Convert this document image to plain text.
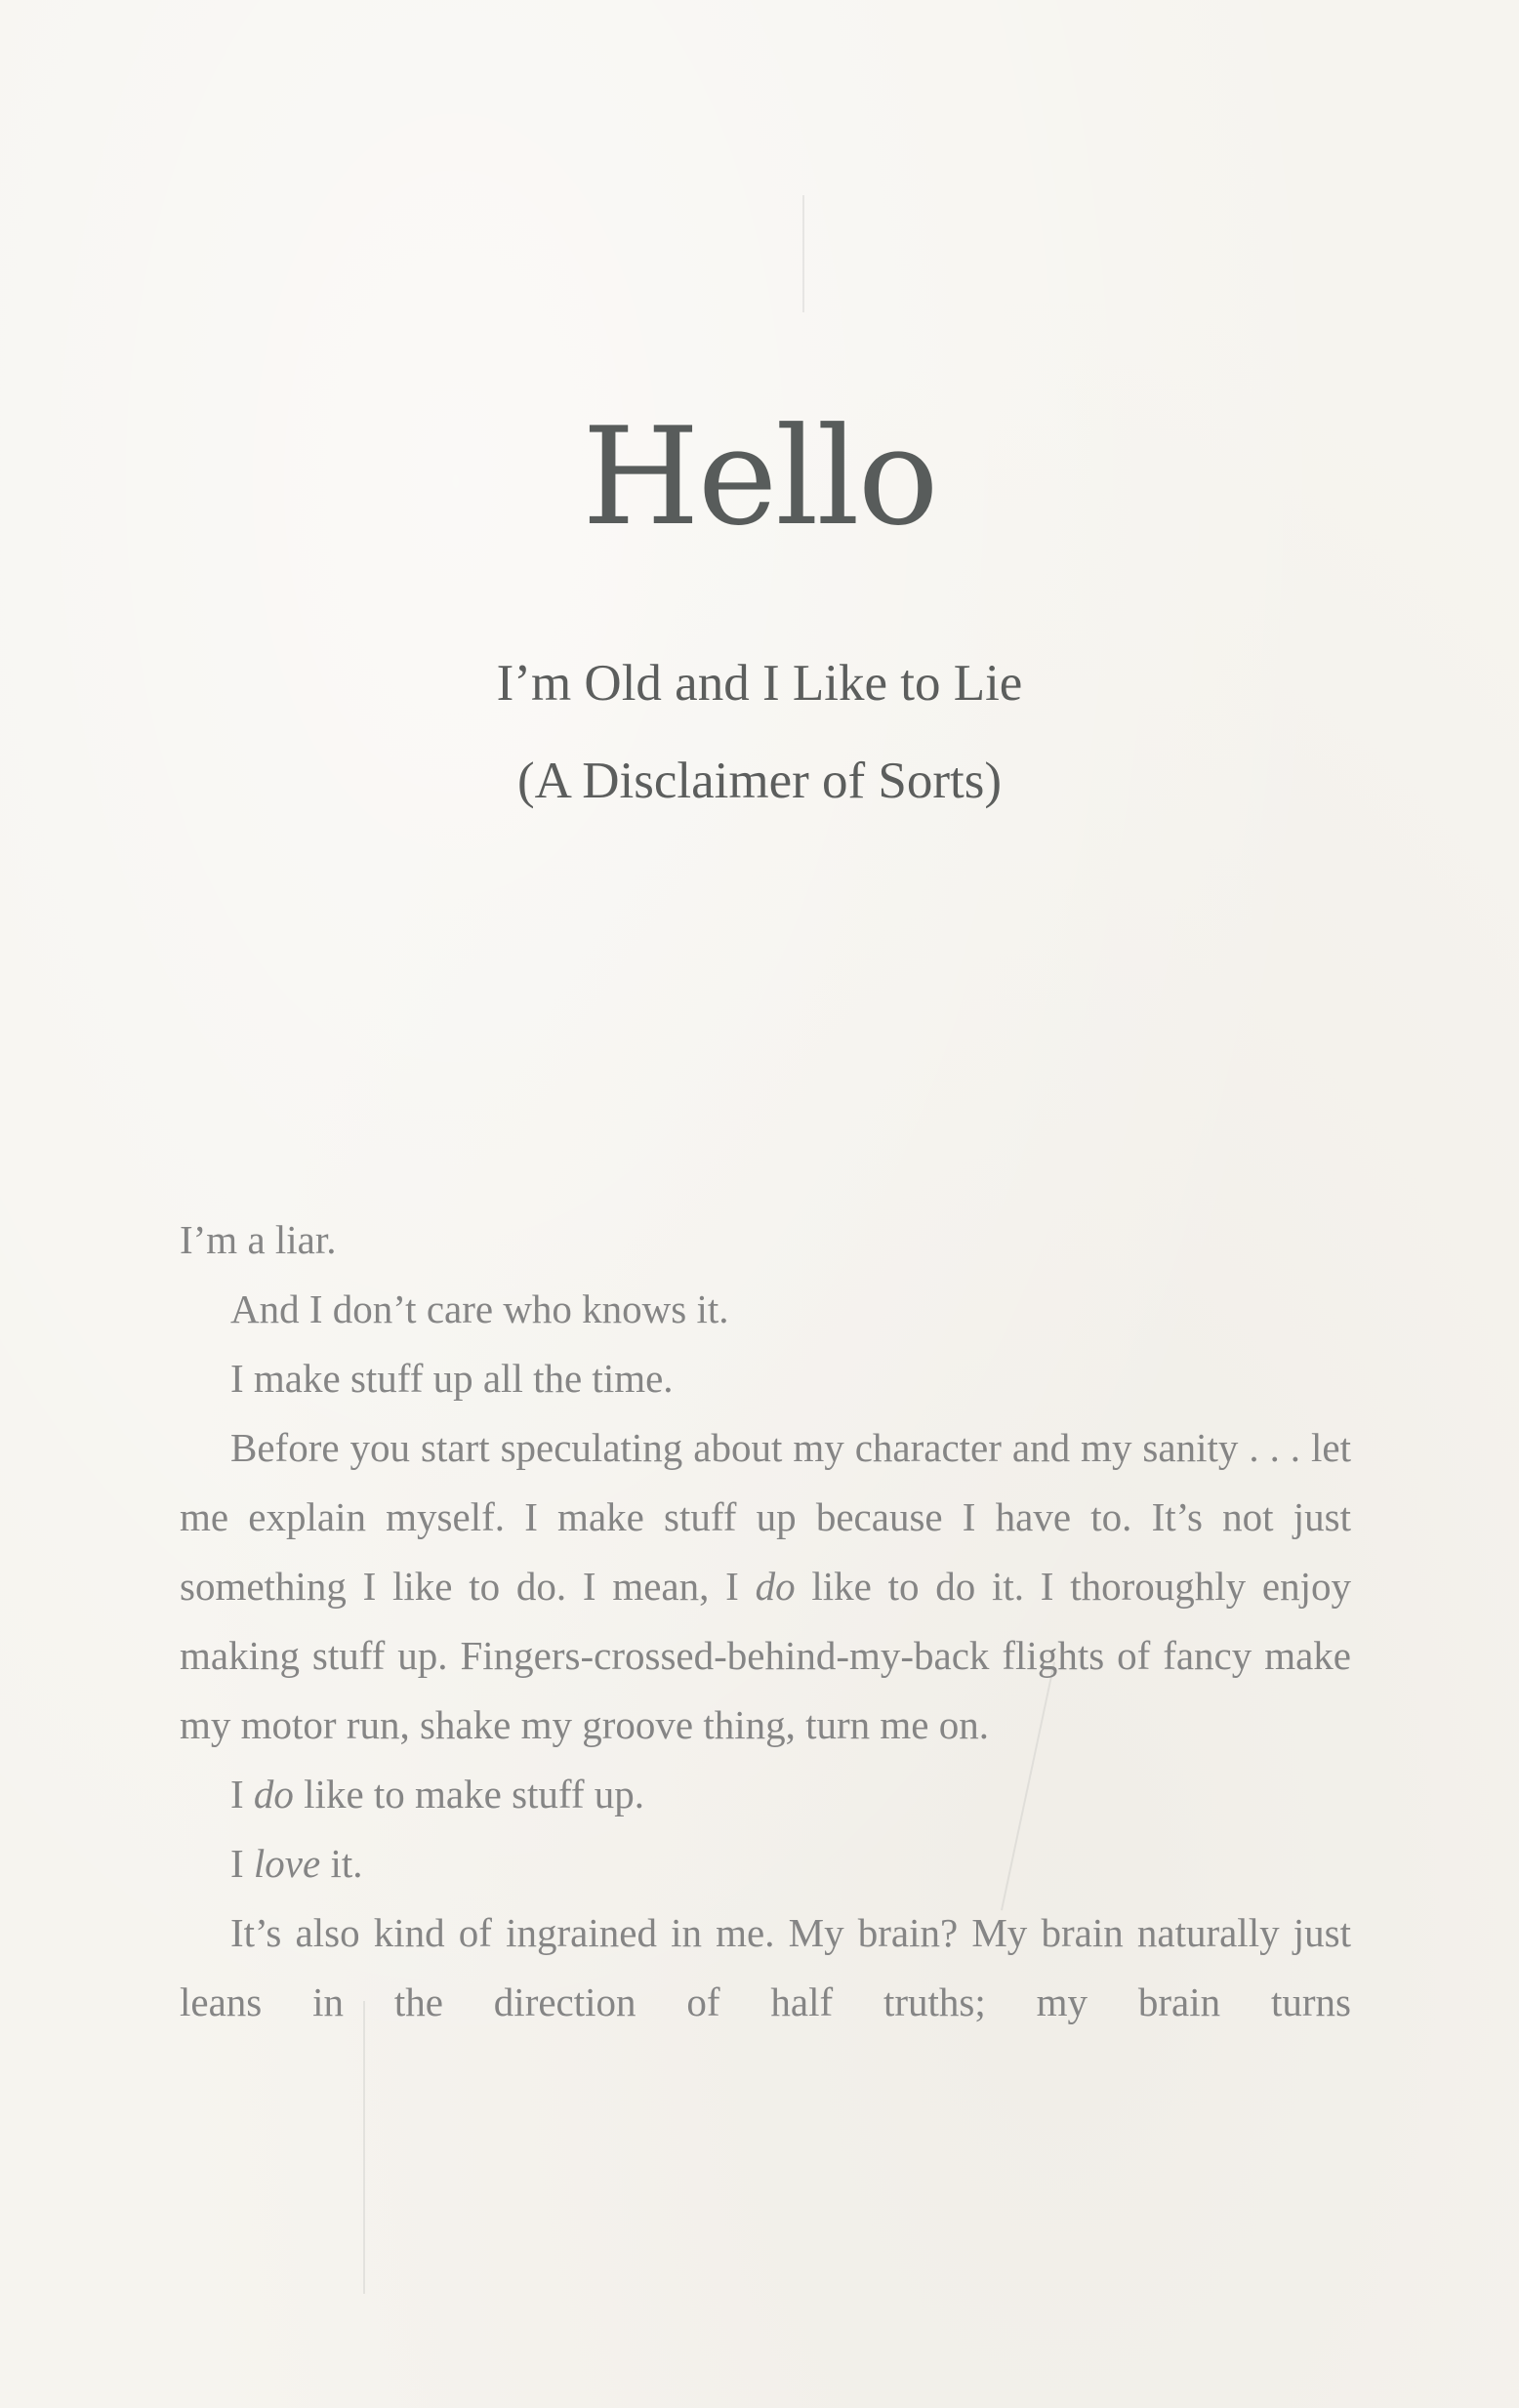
Hello
I’m Old and I Like to Lie
(A Disclaimer of Sorts)

I’m a liar.

And I don’t care who knows it.

I make stuff up all the time.

Before you start speculating about my character and my sanity . . . let me explain myself. I make stuff up because I have to. It’s not just something I like to do. I mean, I do like to do it. I thoroughly enjoy making stuff up. Fingers-crossed-behind-my-back flights of fancy make my motor run, shake my groove thing, turn me on.

I do like to make stuff up.

I love it.

It’s also kind of ingrained in me. My brain? My brain naturally just leans in the direction of half truths; my brain turns
